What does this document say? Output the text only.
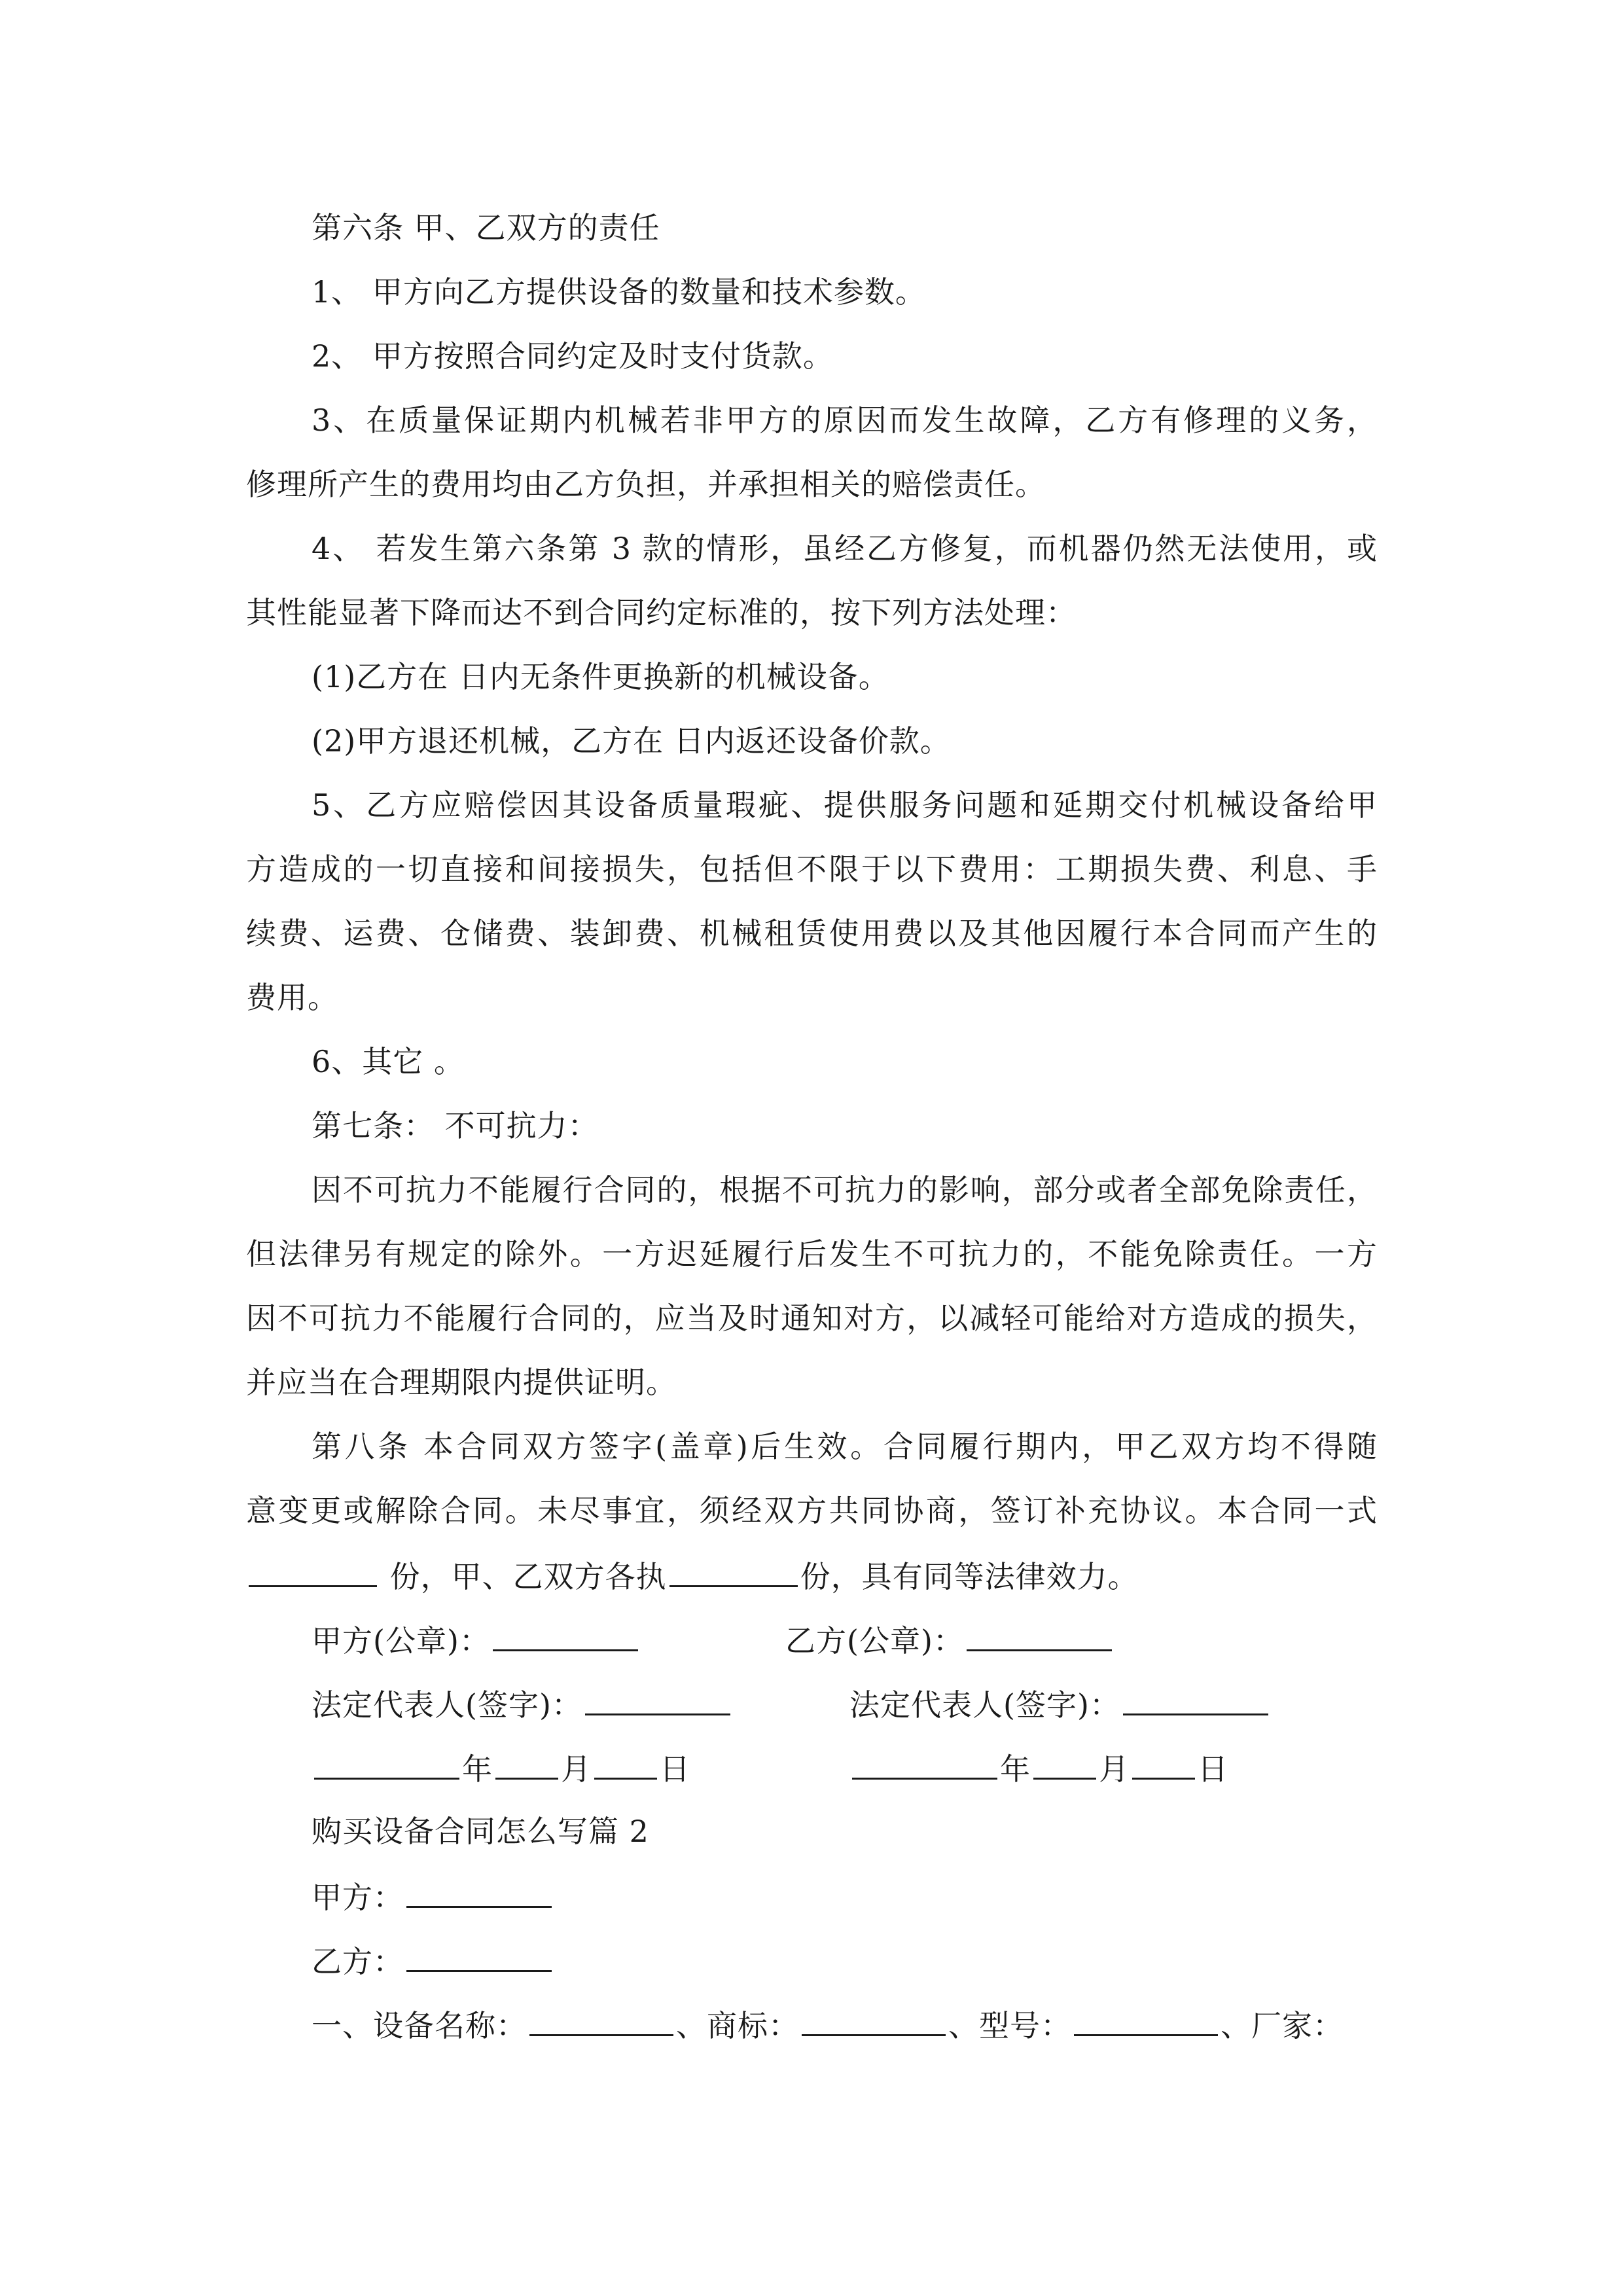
第六条 甲、乙双方的责任
1、 甲方向乙方提供设备的数量和技术参数。
2、 甲方按照合同约定及时支付货款。
3、在质量保证期内机械若非甲方的原因而发生故障，乙方有修理的义务，
修理所产生的费用均由乙方负担，并承担相关的赔偿责任。
4、 若发生第六条第 3 款的情形，虽经乙方修复，而机器仍然无法使用，或
其性能显著下降而达不到合同约定标准的，按下列方法处理：
(1)乙方在 日内无条件更换新的机械设备。
(2)甲方退还机械，乙方在 日内返还设备价款。
5、乙方应赔偿因其设备质量瑕疵、提供服务问题和延期交付机械设备给甲
方造成的一切直接和间接损失，包括但不限于以下费用：工期损失费、利息、手
续费、运费、仓储费、装卸费、机械租赁使用费以及其他因履行本合同而产生的
费用。
6、其它 。
第七条： 不可抗力：
因不可抗力不能履行合同的，根据不可抗力的影响，部分或者全部免除责任，
但法律另有规定的除外。一方迟延履行后发生不可抗力的，不能免除责任。一方
因不可抗力不能履行合同的，应当及时通知对方，以减轻可能给对方造成的损失，
并应当在合理期限内提供证明。
第八条 本合同双方签字(盖章)后生效。合同履行期内，甲乙双方均不得随
意变更或解除合同。未尽事宜，须经双方共同协商，签订补充协议。本合同一式
份，甲、乙双方各执	份，具有同等法律效力。
甲方(公章)：	乙方(公章)：
法定代表人(签字)：	法定代表人(签字)：
年 月 日	年 月 日
购买设备合同怎么写篇 2
甲方：
乙方：
一、设备名称：	、商标：	、型号：	、厂家：
